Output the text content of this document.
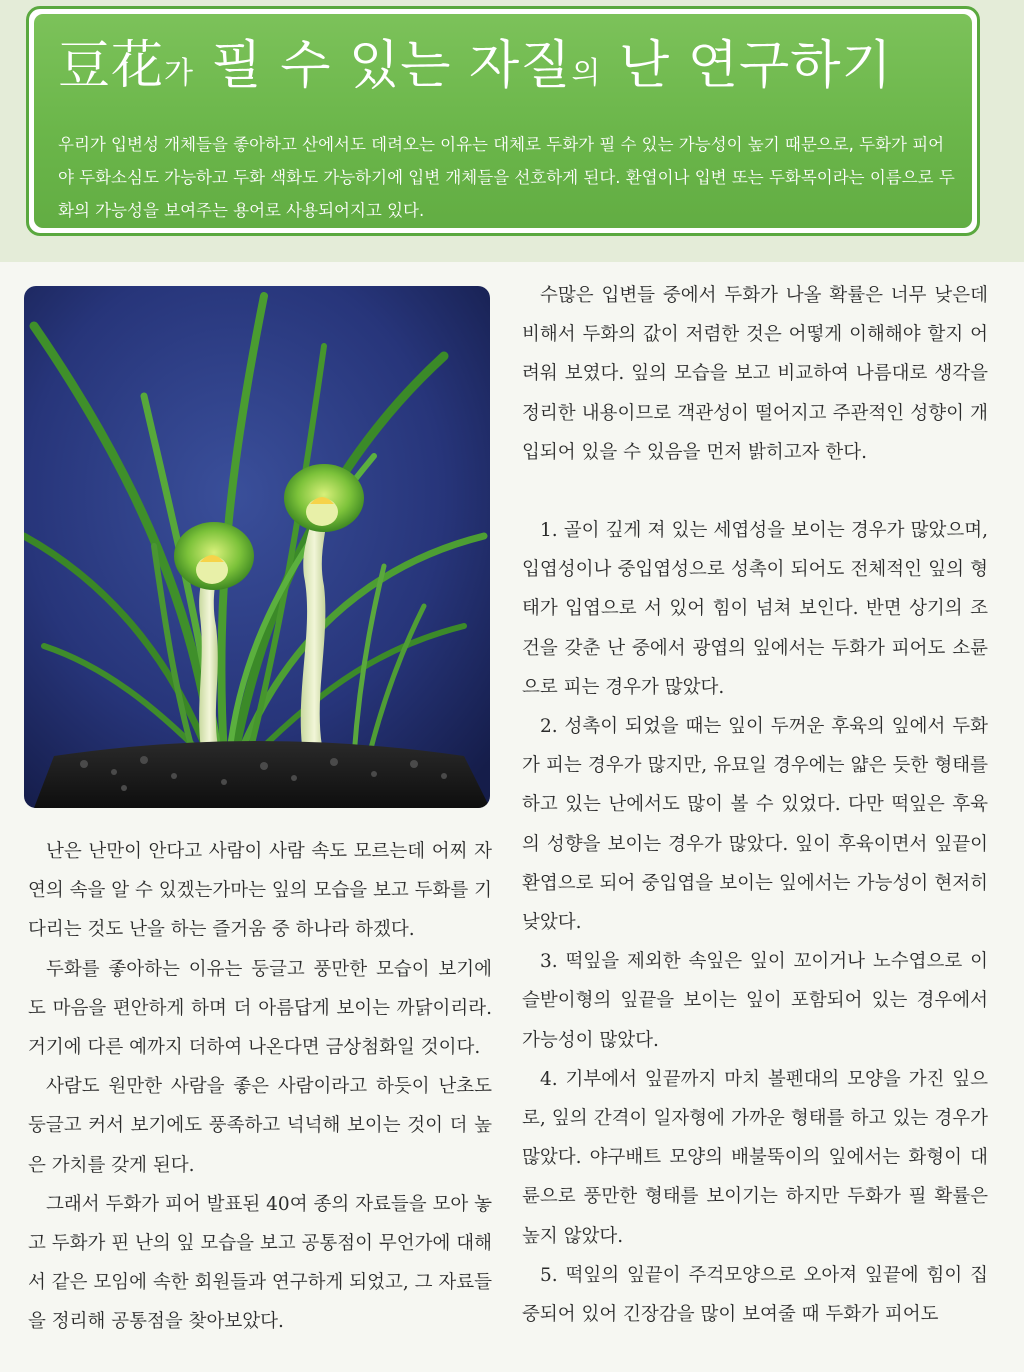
豆花가 필 수 있는 자질의 난 연구하기

우리가 입변성 개체들을 좋아하고 산에서도 데려오는 이유는 대체로 두화가 필 수 있는 가능성이 높기 때문으로, 두화가 피어야 두화소심도 가능하고 두화 색화도 가능하기에 입변 개체들을 선호하게 된다. 환엽이나 입변 또는 두화목이라는 이름으로 두화의 가능성을 보여주는 용어로 사용되어지고 있다.

난은 난만이 안다고 사람이 사람 속도 모르는데 어찌 자연의 속을 알 수 있겠는가마는 잎의 모습을 보고 두화를 기다리는 것도 난을 하는 즐거움 중 하나라 하겠다.

두화를 좋아하는 이유는 둥글고 풍만한 모습이 보기에도 마음을 편안하게 하며 더 아름답게 보이는 까닭이리라. 거기에 다른 예까지 더하여 나온다면 금상첨화일 것이다.

사람도 원만한 사람을 좋은 사람이라고 하듯이 난초도 둥글고 커서 보기에도 풍족하고 넉넉해 보이는 것이 더 높은 가치를 갖게 된다.

그래서 두화가 피어 발표된 40여 종의 자료들을 모아 놓고 두화가 핀 난의 잎 모습을 보고 공통점이 무언가에 대해서 같은 모임에 속한 회원들과 연구하게 되었고, 그 자료들을 정리해 공통점을 찾아보았다.

수많은 입변들 중에서 두화가 나올 확률은 너무 낮은데 비해서 두화의 값이 저렴한 것은 어떻게 이해해야 할지 어려워 보였다. 잎의 모습을 보고 비교하여 나름대로 생각을 정리한 내용이므로 객관성이 떨어지고 주관적인 성향이 개입되어 있을 수 있음을 먼저 밝히고자 한다.

1. 골이 깊게 져 있는 세엽성을 보이는 경우가 많았으며, 입엽성이나 중입엽성으로 성촉이 되어도 전체적인 잎의 형태가 입엽으로 서 있어 힘이 넘쳐 보인다. 반면 상기의 조건을 갖춘 난 중에서 광엽의 잎에서는 두화가 피어도 소륜으로 피는 경우가 많았다.

2. 성촉이 되었을 때는 잎이 두꺼운 후육의 잎에서 두화가 피는 경우가 많지만, 유묘일 경우에는 얇은 듯한 형태를 하고 있는 난에서도 많이 볼 수 있었다. 다만 떡잎은 후육의 성향을 보이는 경우가 많았다. 잎이 후육이면서 잎끝이 환엽으로 되어 중입엽을 보이는 잎에서는 가능성이 현저히 낮았다.

3. 떡잎을 제외한 속잎은 잎이 꼬이거나 노수엽으로 이슬받이형의 잎끝을 보이는 잎이 포함되어 있는 경우에서 가능성이 많았다.

4. 기부에서 잎끝까지 마치 볼펜대의 모양을 가진 잎으로, 잎의 간격이 일자형에 가까운 형태를 하고 있는 경우가 많았다. 야구배트 모양의 배불뚝이의 잎에서는 화형이 대륜으로 풍만한 형태를 보이기는 하지만 두화가 필 확률은 높지 않았다.

5. 떡잎의 잎끝이 주걱모양으로 오아져 잎끝에 힘이 집중되어 있어 긴장감을 많이 보여줄 때 두화가 피어도
